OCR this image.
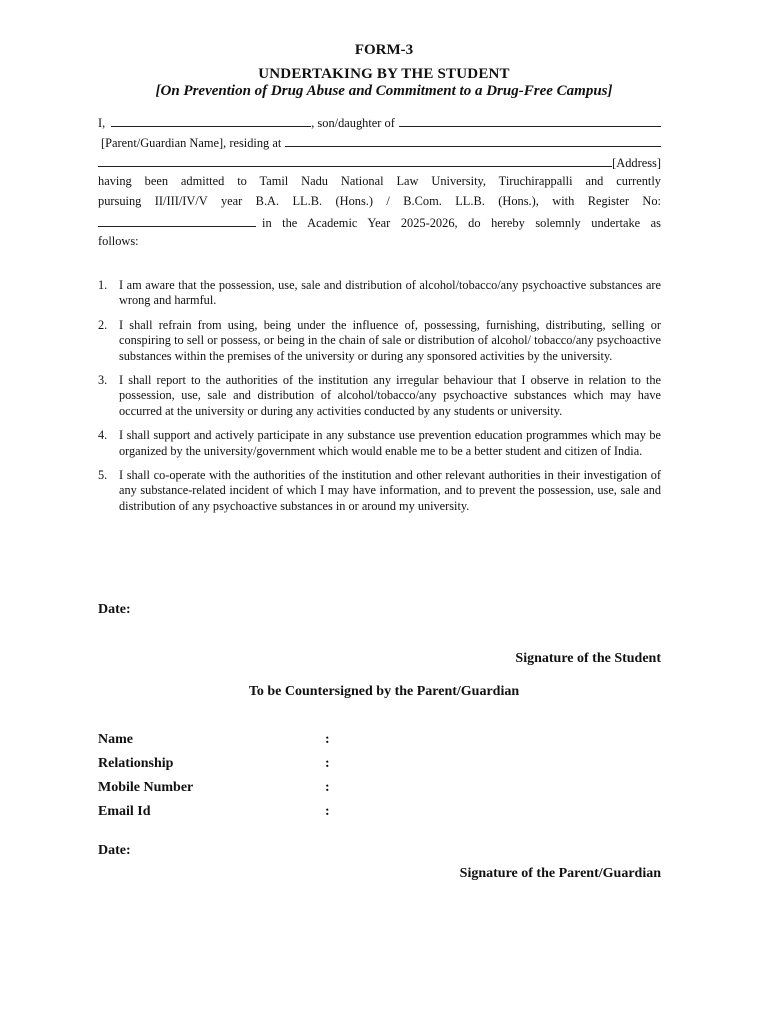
FORM-3
UNDERTAKING BY THE STUDENT
[On Prevention of Drug Abuse and Commitment to a Drug-Free Campus]
I,	, son/daughter of
[Parent/Guardian Name], residing at
[Address]
having been admitted to Tamil Nadu National Law University, Tiruchirappalli and currently
pursuing II/III/IV/V year B.A. LL.B. (Hons.) / B.Com. LL.B. (Hons.), with Register No:
in the Academic Year 2025-2026, do hereby solemnly undertake as
follows:
1. I am aware that the possession, use, sale and distribution of alcohol/tobacco/any psychoactive substances are wrong and harmful.
2. I shall refrain from using, being under the influence of, possessing, furnishing, distributing, selling or conspiring to sell or possess, or being in the chain of sale or distribution of alcohol/ tobacco/any psychoactive substances within the premises of the university or during any sponsored activities by the university.
3. I shall report to the authorities of the institution any irregular behaviour that I observe in relation to the possession, use, sale and distribution of alcohol/tobacco/any psychoactive substances which may have occurred at the university or during any activities conducted by any students or university.
4. I shall support and actively participate in any substance use prevention education programmes which may be organized by the university/government which would enable me to be a better student and citizen of India.
5. I shall co-operate with the authorities of the institution and other relevant authorities in their investigation of any substance-related incident of which I may have information, and to prevent the possession, use, sale and distribution of any psychoactive substances in or around my university.
Date:
Signature of the Student
To be Countersigned by the Parent/Guardian
Name	:
Relationship	:
Mobile Number	:
Email Id	:
Date:
Signature of the Parent/Guardian
